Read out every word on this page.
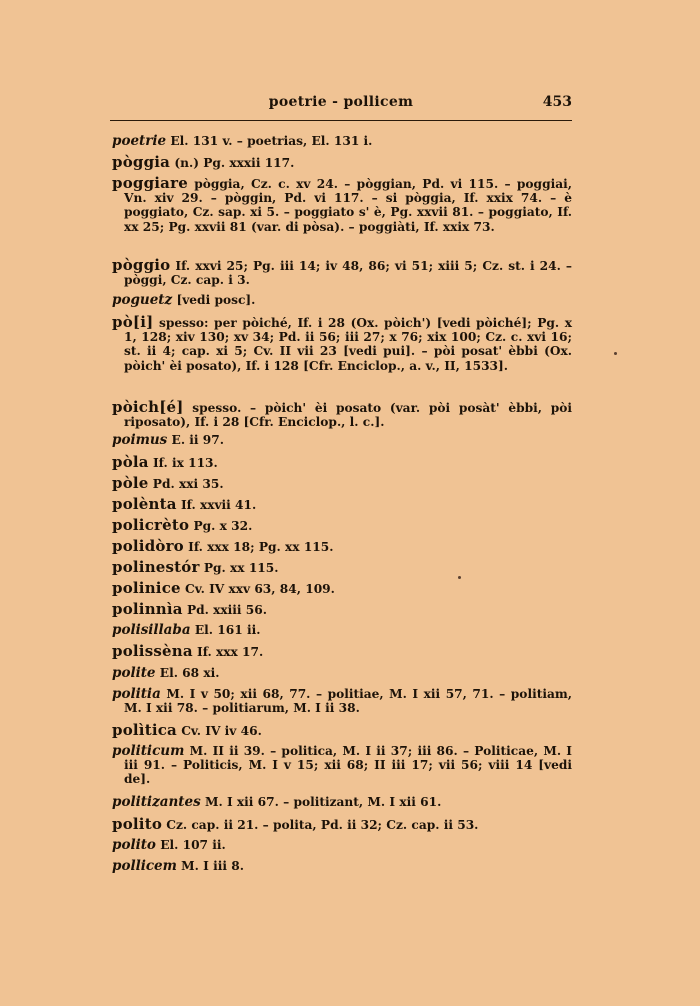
poetrie - pollicem	453
poetrie El. 131 v. – poetrias, El. 131 i.
pòggia (n.) Pg. xxxii 117.
poggiare pòggia, Cz. c. xv 24. – pòggian, Pd. vi 115. – poggiai, Vn. xiv 29. – pòggin, Pd. vi 117. – si pòggia, If. xxix 74. – è poggiato, Cz. sap. xi 5. – poggiato s' è, Pg. xxvii 81. – poggiato, If. xx 25; Pg. xxvii 81 (var. di pòsa). – poggiàti, If. xxix 73.
pòggio If. xxvi 25; Pg. iii 14; iv 48, 86; vi 51; xiii 5; Cz. st. i 24. – pòggi, Cz. cap. i 3.
poguetz [vedi posc].
pò[i] spesso: per pòiché, If. i 28 (Ox. pòich') [vedi pòiché]; Pg. x 1, 128; xiv 130; xv 34; Pd. ii 56; iii 27; x 76; xix 100; Cz. c. xvi 16; st. ii 4; cap. xi 5; Cv. II vii 23 [vedi pui]. – pòi posat' èbbi (Ox. pòich' èi posato), If. i 128 [Cfr. Enciclop., a. v., II, 1533].
pòich[é] spesso. – pòich' èi posato (var. pòi posàt' èbbi, pòi riposato), If. i 28 [Cfr. Enciclop., l. c.].
poimus E. ii 97.
pòla If. ix 113.
pòle Pd. xxi 35.
polènta If. xxvii 41.
policrèto Pg. x 32.
polidòro If. xxx 18; Pg. xx 115.
polinestór Pg. xx 115.
polinice Cv. IV xxv 63, 84, 109.
polinnìa Pd. xxiii 56.
polisillaba El. 161 ii.
polissèna If. xxx 17.
polite El. 68 xi.
politia M. I v 50; xii 68, 77. – politiae, M. I xii 57, 71. – politiam, M. I xii 78. – politiarum, M. I ii 38.
polìtica Cv. IV iv 46.
politicum M. II ii 39. – politica, M. I ii 37; iii 86. – Politicae, M. I iii 91. – Politicis, M. I v 15; xii 68; II iii 17; vii 56; viii 14 [vedi de].
politizantes M. I xii 67. – politizant, M. I xii 61.
polito Cz. cap. ii 21. – polita, Pd. ii 32; Cz. cap. ii 53.
polito El. 107 ii.
pollicem M. I iii 8.
